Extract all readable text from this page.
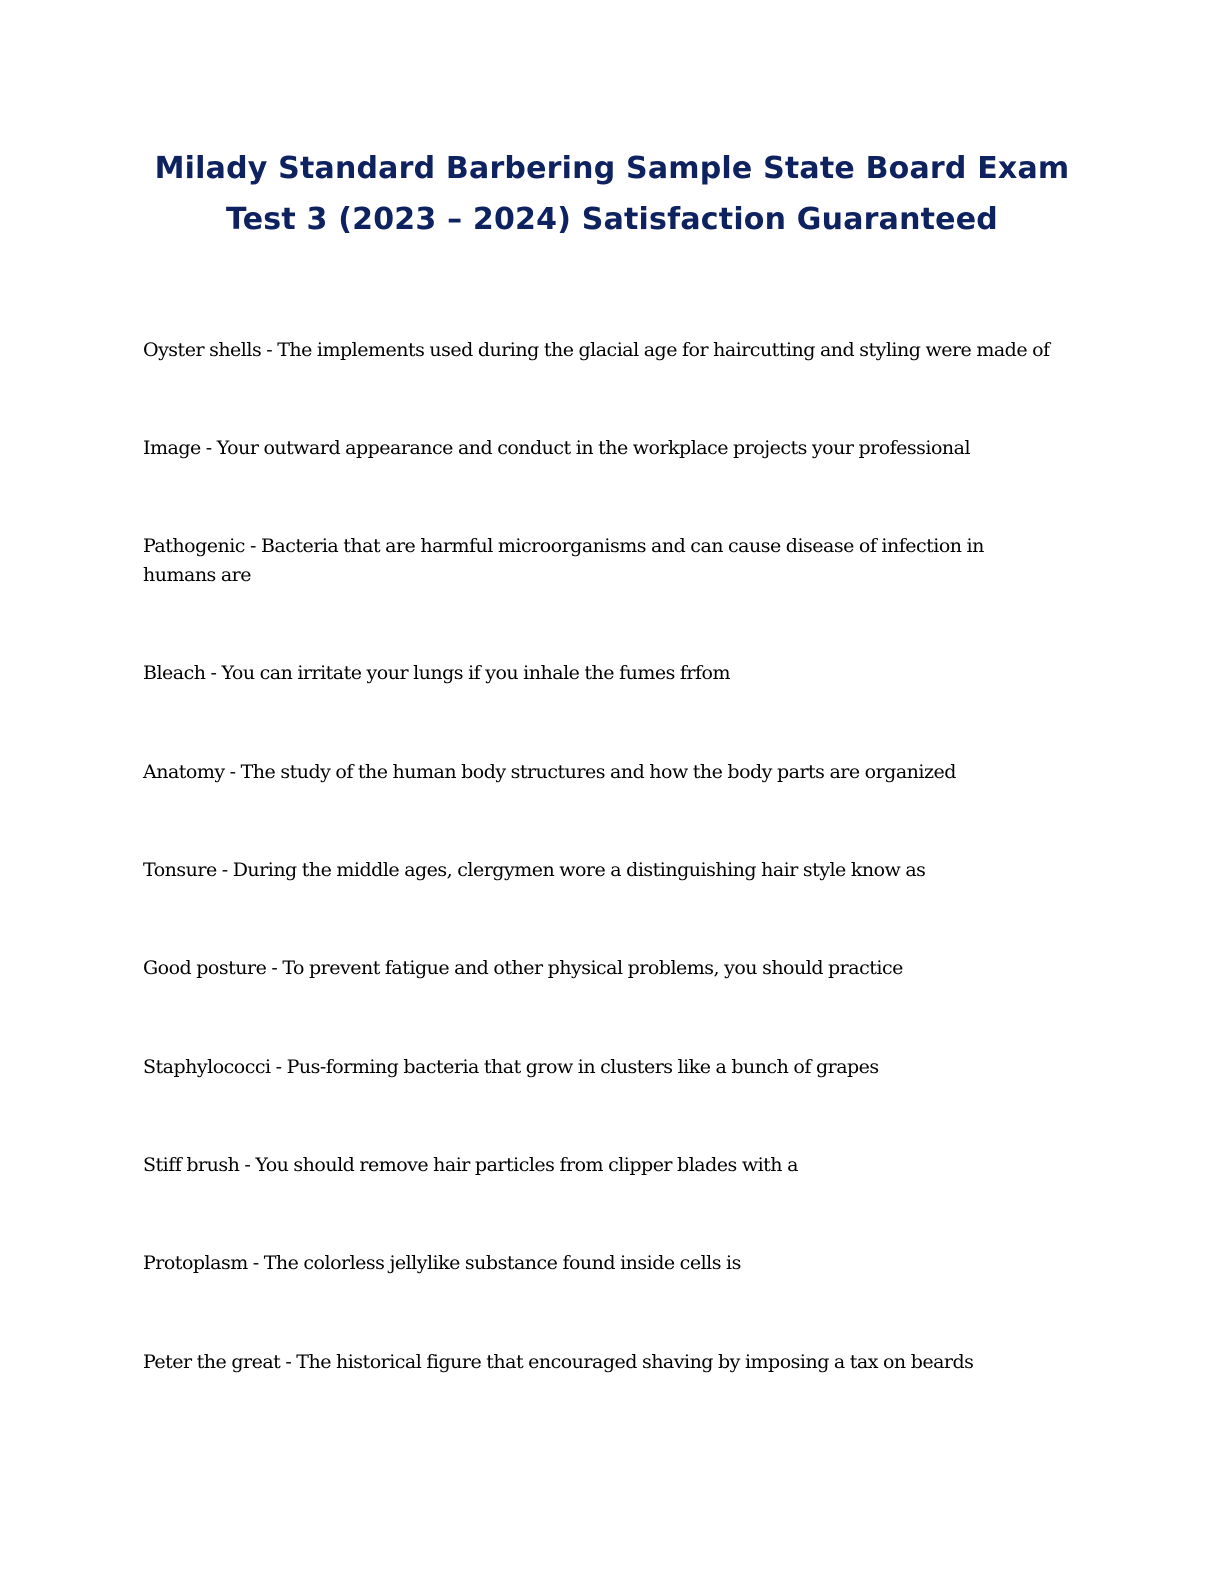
Milady Standard Barbering Sample State Board Exam
Test 3 (2023 – 2024) Satisfaction Guaranteed
Oyster shells - The implements used during the glacial age for haircutting and styling were made of
Image - Your outward appearance and conduct in the workplace projects your professional
Pathogenic - Bacteria that are harmful microorganisms and can cause disease of infection in humans are
Bleach - You can irritate your lungs if you inhale the fumes frfom
Anatomy - The study of the human body structures and how the body parts are organized
Tonsure - During the middle ages, clergymen wore a distinguishing hair style know as
Good posture - To prevent fatigue and other physical problems, you should practice
Staphylococci - Pus-forming bacteria that grow in clusters like a bunch of grapes
Stiff brush - You should remove hair particles from clipper blades with a
Protoplasm - The colorless jellylike substance found inside cells is
Peter the great - The historical figure that encouraged shaving by imposing a tax on beards
